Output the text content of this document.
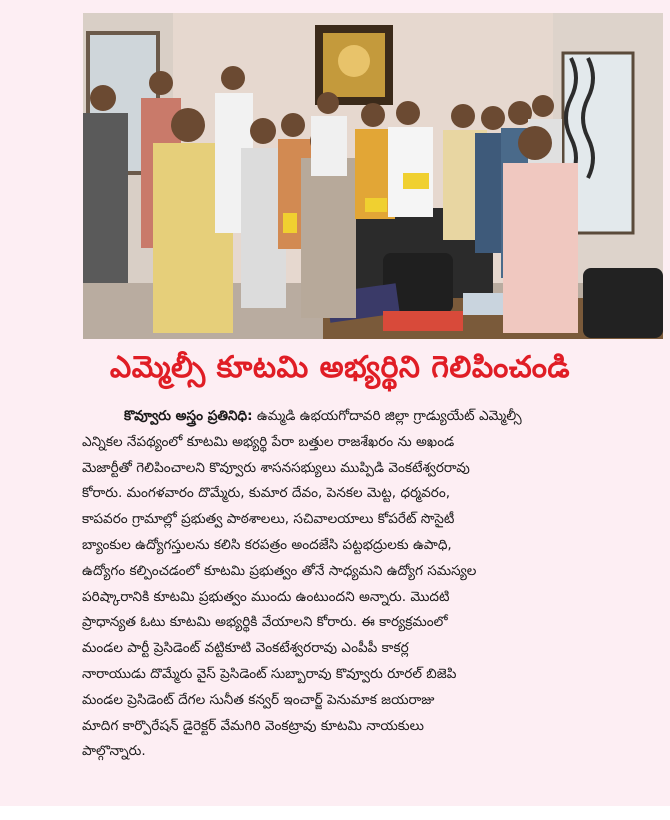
ఎమ్మెల్సీ కూటమి అభ్యర్థిని గెలిపించండి
కొవ్వూరు అస్త్రం ప్రతినిధి: ఉమ్మడి ఉభయగోదావరి జిల్లా గ్రాడ్యుయేట్ ఎమ్మెల్సీ
ఎన్నికల నేపథ్యంలో కూటమి అభ్యర్థి పేరా బత్తుల రాజశేఖరం ను అఖండ
మెజార్టీతో గెలిపించాలని కొవ్వూరు శాసనసభ్యులు ముప్పిడి వెంకటేశ్వరరావు
కోరారు. మంగళవారం దొమ్మేరు, కుమార దేవం, పెనకల మెట్ట, ధర్మవరం,
కాపవరం గ్రామాల్లో ప్రభుత్వ పాఠశాలలు, సచివాలయాలు కోపరేట్ సొసైటీ
బ్యాంకుల ఉద్యోగస్తులను కలిసి కరపత్రం అందజేసి పట్టభద్రులకు ఉపాధి,
ఉద్యోగం కల్పించడంలో కూటమి ప్రభుత్వం తోనే సాధ్యమని ఉద్యోగ సమస్యల
పరిష్కారానికి కూటమి ప్రభుత్వం ముందు ఉంటుందని అన్నారు. మొదటి
ప్రాధాన్యత ఓటు కూటమి అభ్యర్థికి వేయాలని కోరారు. ఈ కార్యక్రమంలో
మండల పార్టీ ప్రెసిడెంట్ వట్టికూటి వెంకటేశ్వరరావు ఎంపీపీ కాకర్ల
నారాయుడు దొమ్మేరు వైస్ ప్రెసిడెంట్ సుబ్బారావు కొవ్వూరు రూరల్ బిజెపి
మండల ప్రెసిడెంట్ దేగల సునీత కన్వర్ ఇంచార్జ్ పెనుమాక జయరాజు
మాదిగ కార్పొరేషన్ డైరెక్టర్ వేమగిరి వెంకట్రావు కూటమి నాయకులు
పాల్గొన్నారు.
